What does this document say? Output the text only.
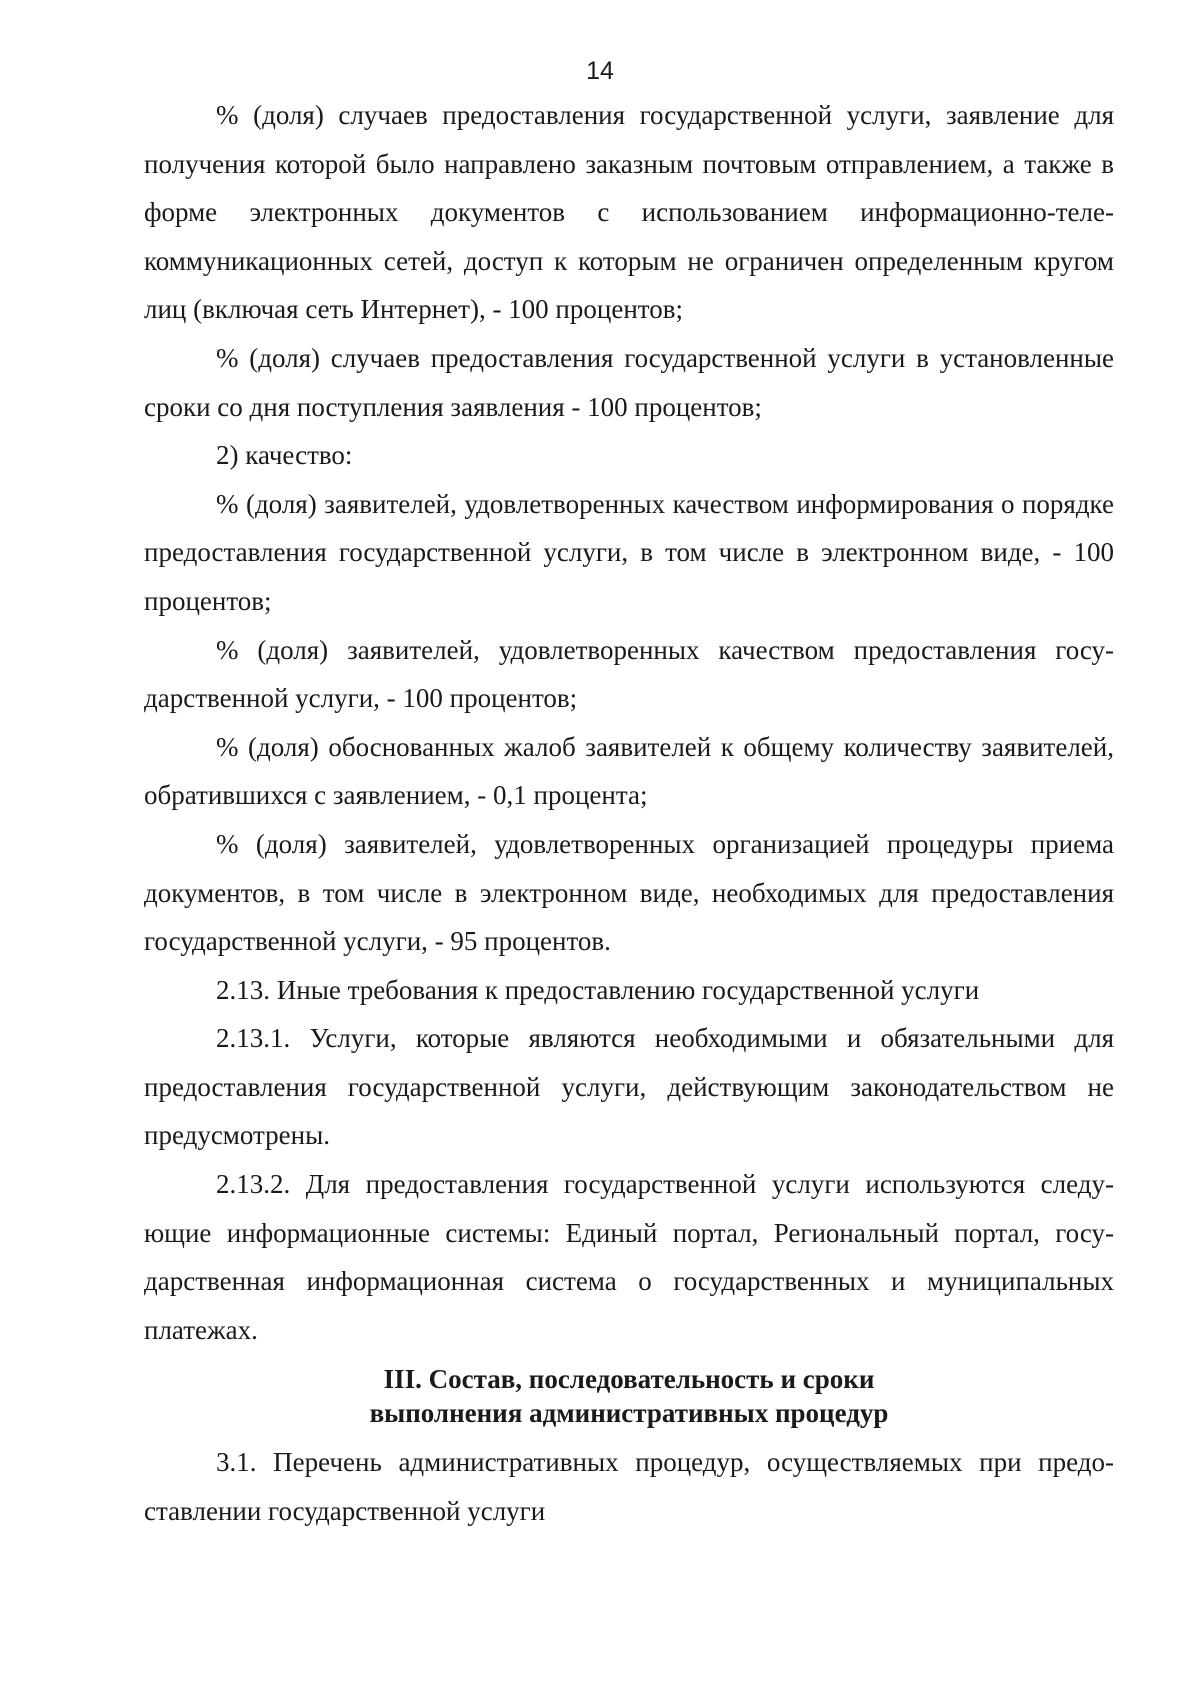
14

% (доля) случаев предоставления государственной услуги, заявление для получения которой было направлено заказным почтовым отправлением, а также в форме электронных документов с использованием информационно-телекоммуникационных сетей, доступ к которым не ограничен определенным кругом лиц (включая сеть Интернет), - 100 процентов;

% (доля) случаев предоставления государственной услуги в установленные сроки со дня поступления заявления - 100 процентов;

2) качество:

% (доля) заявителей, удовлетворенных качеством информирования о порядке предоставления государственной услуги, в том числе в электронном виде, - 100 процентов;

% (доля) заявителей, удовлетворенных качеством предоставления государственной услуги, - 100 процентов;

% (доля) обоснованных жалоб заявителей к общему количеству заявителей, обратившихся с заявлением, - 0,1 процента;

% (доля) заявителей, удовлетворенных организацией процедуры приема документов, в том числе в электронном виде, необходимых для предоставления государственной услуги, - 95 процентов.

2.13. Иные требования к предоставлению государственной услуги

2.13.1. Услуги, которые являются необходимыми и обязательными для предоставления государственной услуги, действующим законодательством не предусмотрены.

2.13.2. Для предоставления государственной услуги используются следующие информационные системы: Единый портал, Региональный портал, государственная информационная система о государственных и муниципальных платежах.

III. Состав, последовательность и сроки
выполнения административных процедур

3.1. Перечень административных процедур, осуществляемых при предоставлении государственной услуги
